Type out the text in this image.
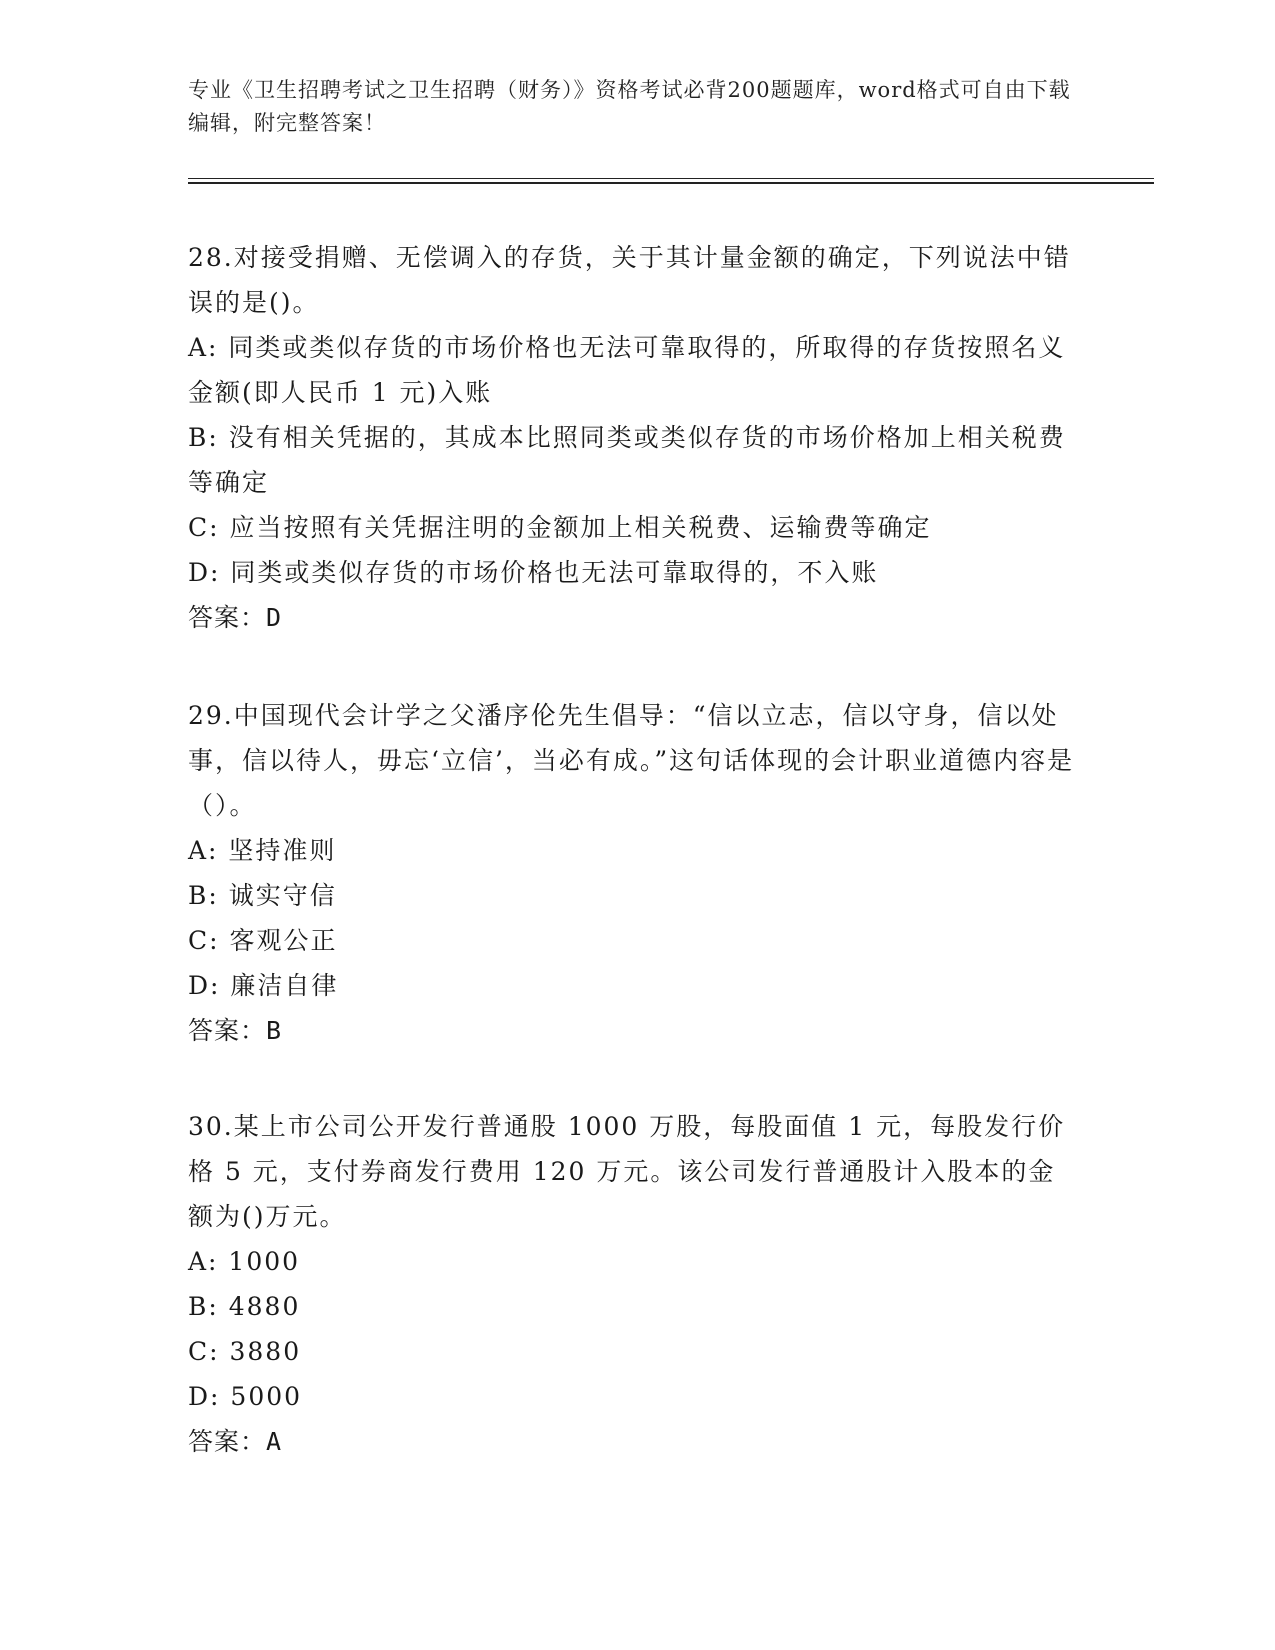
专业《卫生招聘考试之卫生招聘（财务）》资格考试必背200题题库，word格式可自由下载编辑，附完整答案！

28.对接受捐赠、无偿调入的存货，关于其计量金额的确定，下列说法中错误的是()。

A: 同类或类似存货的市场价格也无法可靠取得的，所取得的存货按照名义金额(即人民币 1 元)入账

B: 没有相关凭据的，其成本比照同类或类似存货的市场价格加上相关税费等确定

C: 应当按照有关凭据注明的金额加上相关税费、运输费等确定

D: 同类或类似存货的市场价格也无法可靠取得的，不入账

答案：D

29.中国现代会计学之父潘序伦先生倡导：“信以立志，信以守身，信以处事，信以待人，毋忘‘立信’，当必有成。”这句话体现的会计职业道德内容是（）。

A: 坚持准则

B: 诚实守信

C: 客观公正

D: 廉洁自律

答案：B

30.某上市公司公开发行普通股 1000 万股，每股面值 1 元，每股发行价格 5 元，支付券商发行费用 120 万元。该公司发行普通股计入股本的金额为()万元。

A: 1000

B: 4880

C: 3880

D: 5000

答案：A
